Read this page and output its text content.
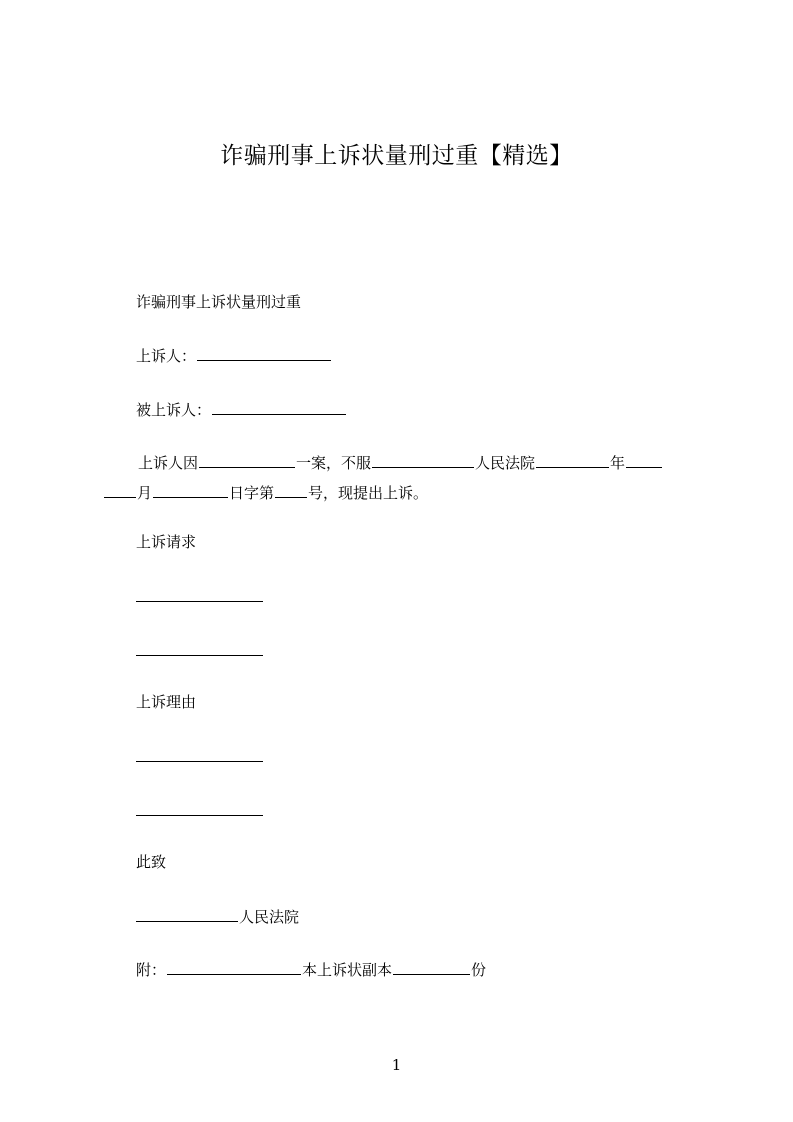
诈骗刑事上诉状量刑过重【精选】
诈骗刑事上诉状量刑过重
上诉人：
被上诉人：
上诉人因	一案，不服	人民法院	年
月	日字第 号，现提出上诉。
上诉请求
上诉理由
此致
人民法院
附：	本上诉状副本	份
1
